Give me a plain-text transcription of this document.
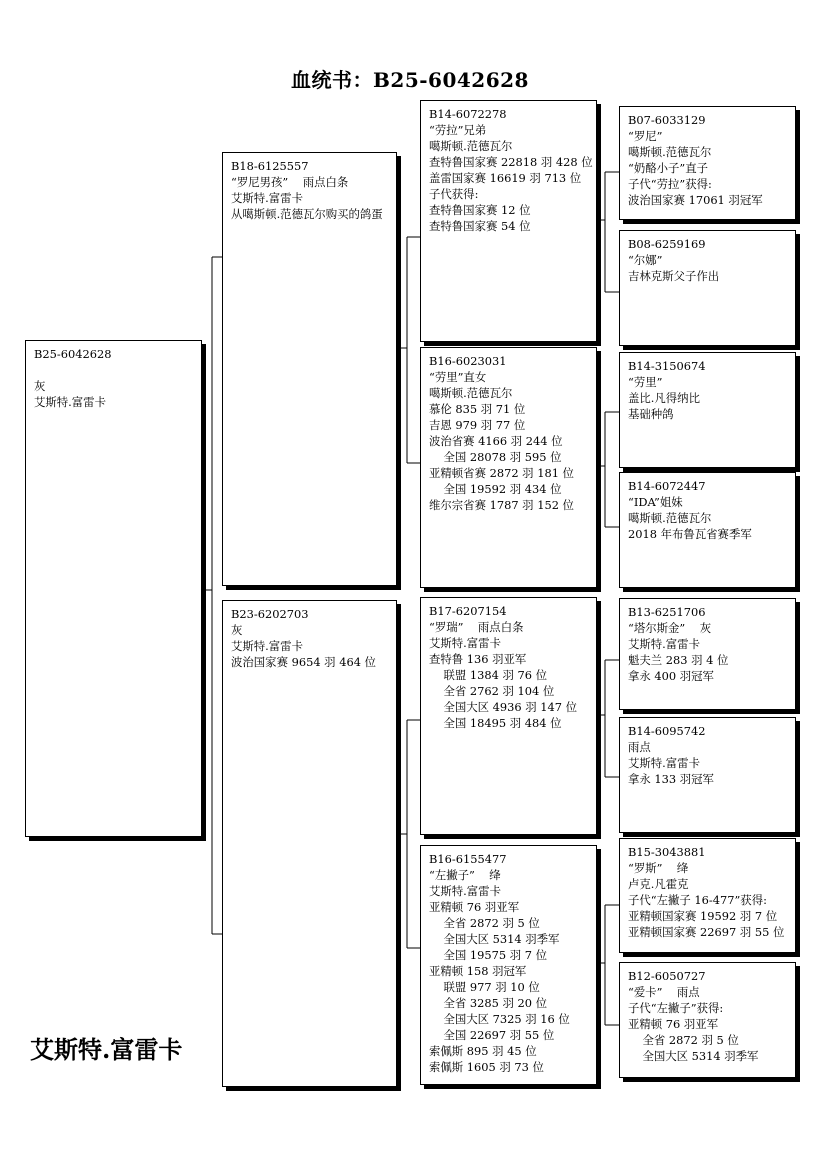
血统书：B25-6042628
B25-6042628

灰
艾斯特.富雷卡
B18-6125557
“罗尼男孩”    雨点白条
艾斯特.富雷卡
从噶斯顿.范德瓦尔购买的鸽蛋
B23-6202703
灰
艾斯特.富雷卡
波治国家赛 9654 羽 464 位
B14-6072278
“劳拉”兄弟
噶斯顿.范德瓦尔
查特鲁国家赛 22818 羽 428 位
盖雷国家赛 16619 羽 713 位
子代获得:
查特鲁国家赛 12 位
查特鲁国家赛 54 位
B16-6023031
“劳里”直女
噶斯顿.范德瓦尔
慕伦 835 羽 71 位
吉恩 979 羽 77 位
波治省赛 4166 羽 244 位
全国 28078 羽 595 位
亚精顿省赛 2872 羽 181 位
全国 19592 羽 434 位
维尔宗省赛 1787 羽 152 位
B17-6207154
“罗瑞”    雨点白条
艾斯特.富雷卡
查特鲁 136 羽亚军
联盟 1384 羽 76 位
全省 2762 羽 104 位
全国大区 4936 羽 147 位
全国 18495 羽 484 位
B16-6155477
“左撇子”    绛
艾斯特.富雷卡
亚精顿 76 羽亚军
全省 2872 羽 5 位
全国大区 5314 羽季军
全国 19575 羽 7 位
亚精顿 158 羽冠军
联盟 977 羽 10 位
全省 3285 羽 20 位
全国大区 7325 羽 16 位
全国 22697 羽 55 位
索佩斯 895 羽 45 位
索佩斯 1605 羽 73 位
B07-6033129
“罗尼”
噶斯顿.范德瓦尔
“奶酪小子”直子
子代“劳拉”获得:
波治国家赛 17061 羽冠军
B08-6259169
“尔娜”
吉林克斯父子作出
B14-3150674
“劳里”
盖比.凡得纳比
基础种鸽
B14-6072447
“IDA”姐妹
噶斯顿.范德瓦尔
2018 年布鲁瓦省赛季军
B13-6251706
“塔尔斯金”    灰
艾斯特.富雷卡
魁夫兰 283 羽 4 位
拿永 400 羽冠军
B14-6095742
雨点
艾斯特.富雷卡
拿永 133 羽冠军
B15-3043881
“罗斯”    绛
卢克.凡霍克
子代“左撇子 16-477”获得:
亚精顿国家赛 19592 羽 7 位
亚精顿国家赛 22697 羽 55 位
B12-6050727
“爱卡”    雨点
子代“左撇子”获得:
亚精顿 76 羽亚军
全省 2872 羽 5 位
全国大区 5314 羽季军
艾斯特.富雷卡
